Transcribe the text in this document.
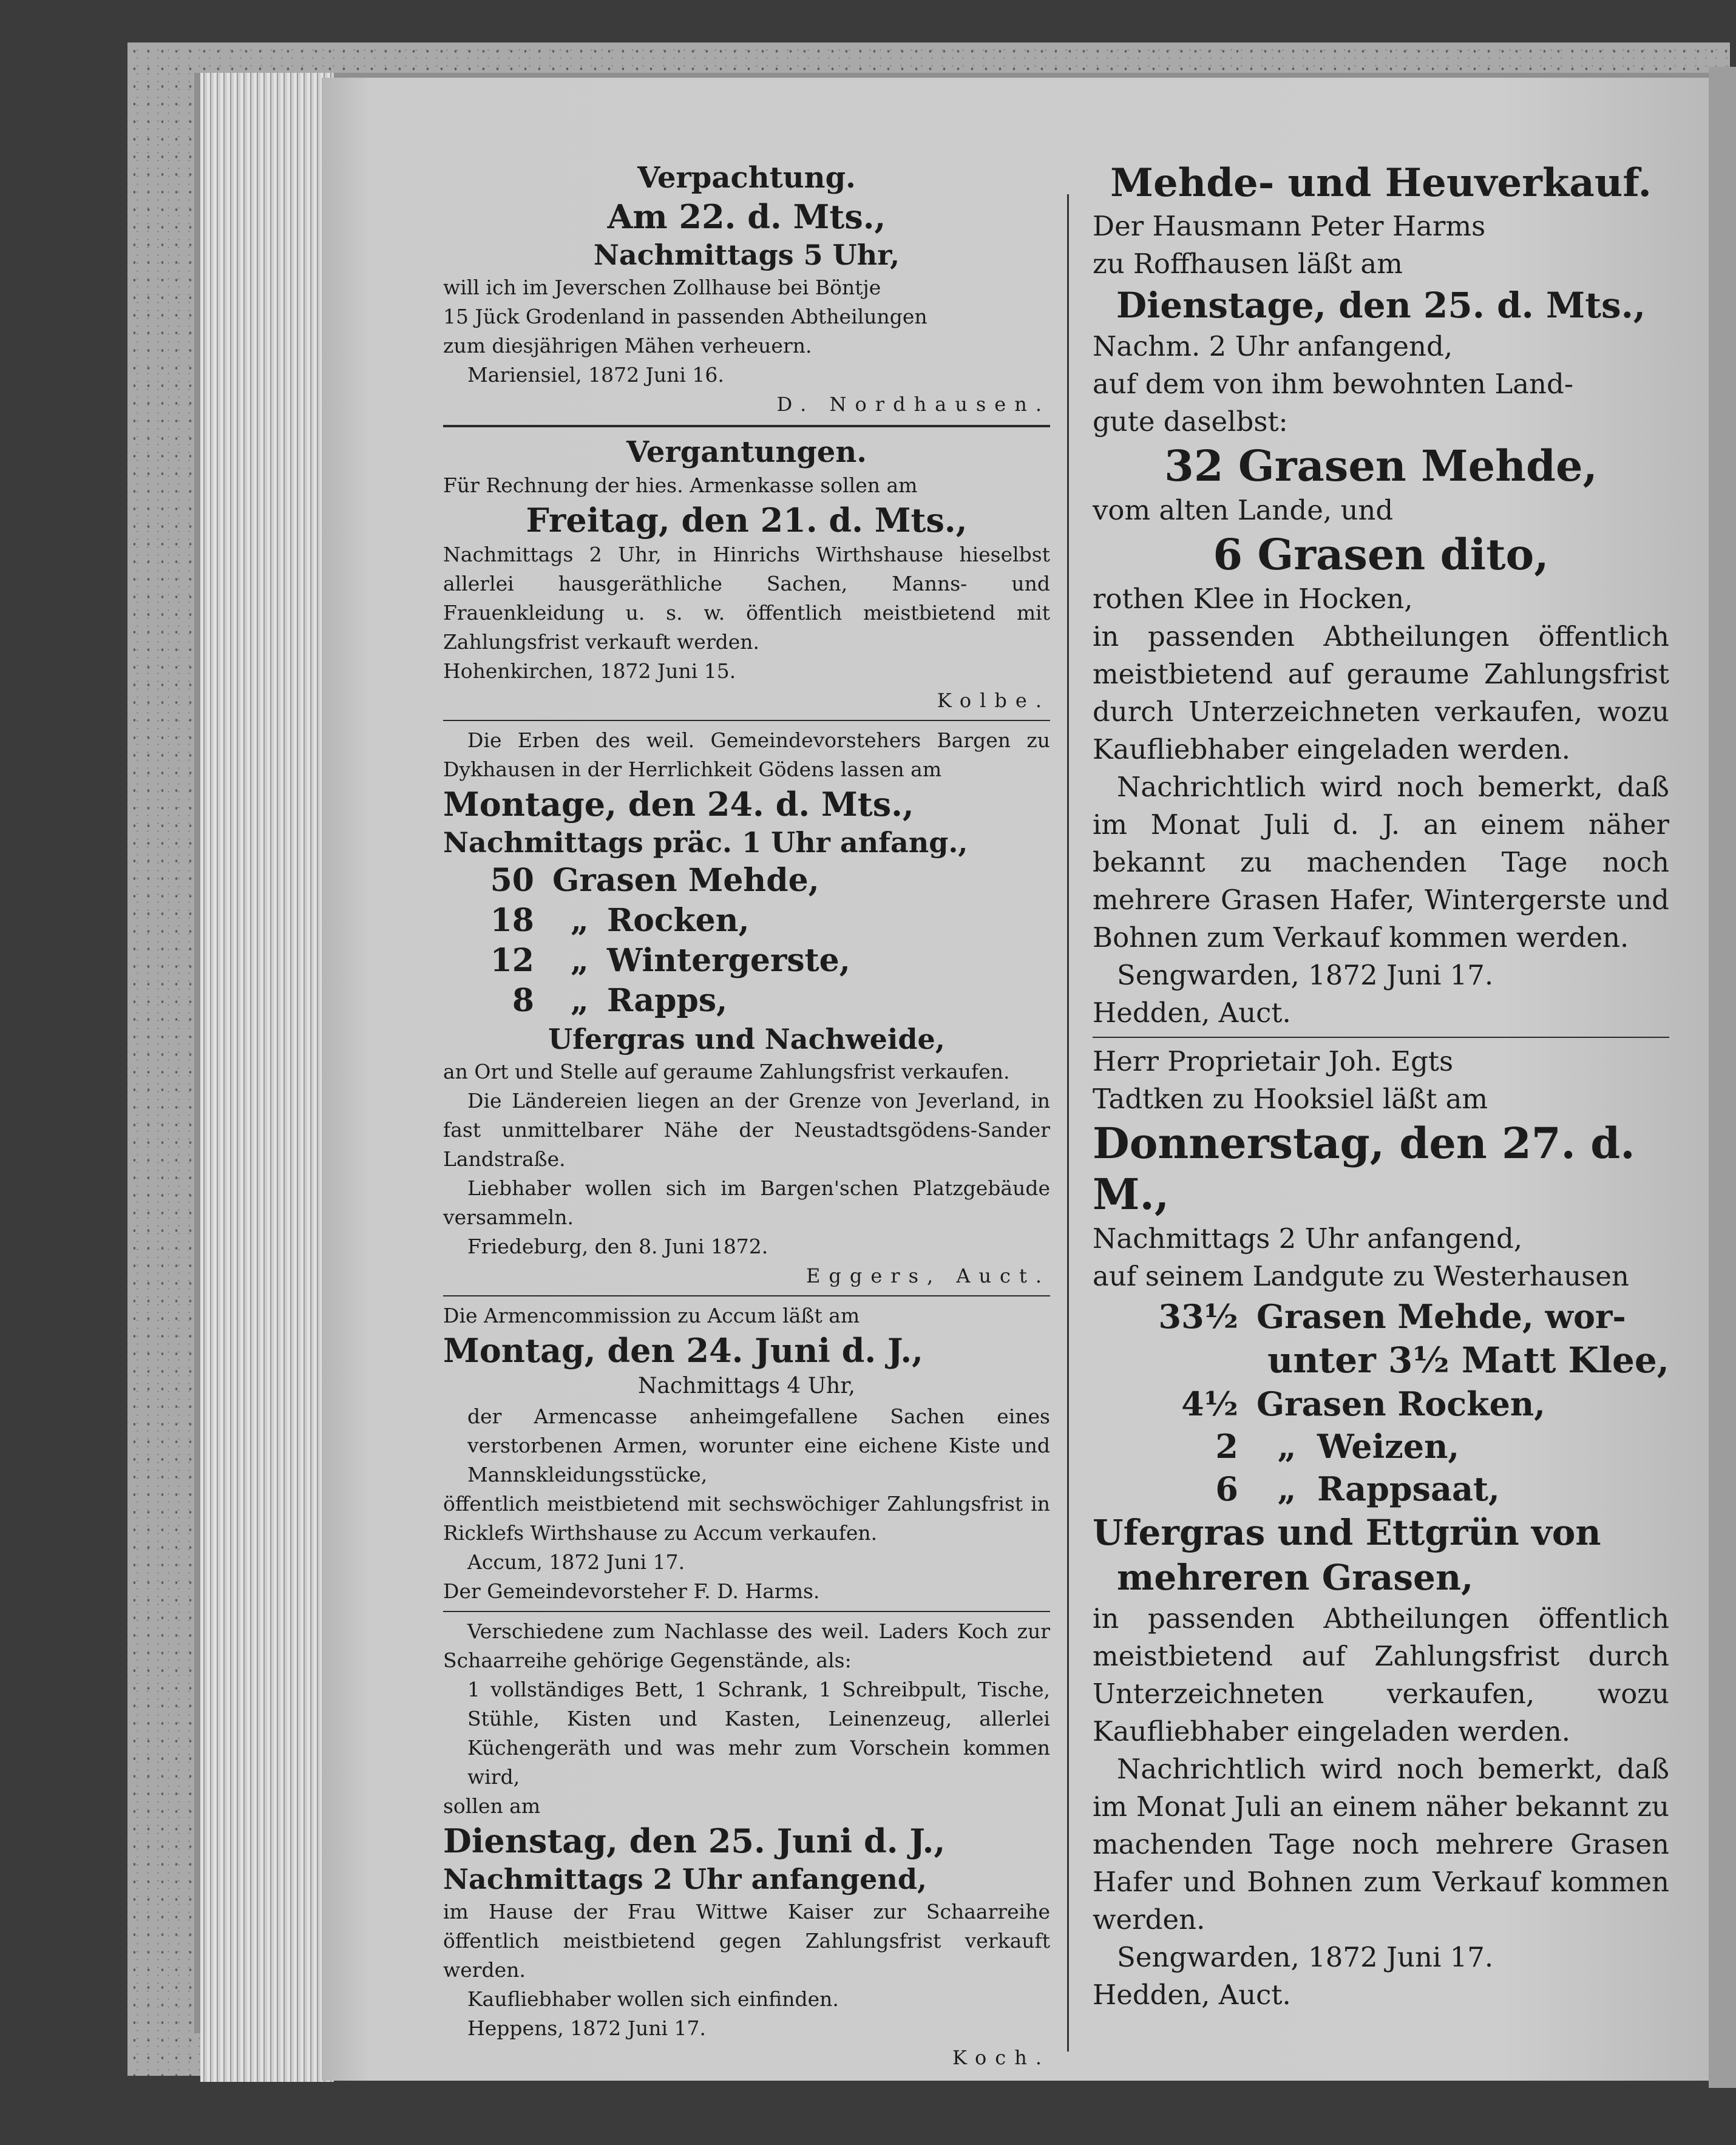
Verpachtung.

Am 22. d. Mts.,

Nachmittags 5 Uhr,

will ich im Jeverschen Zollhause bei Böntje

15 Jück Grodenland in passenden Abtheilungen

zum diesjährigen Mähen verheuern.

Mariensiel, 1872 Juni 16.

D. Nordhausen.

Vergantungen.

Für Rechnung der hies. Armenkasse sollen am

Freitag, den 21. d. Mts.,

Nachmittags 2 Uhr, in Hinrichs Wirthshause hieselbst allerlei hausgeräthliche Sachen, Manns- und Frauenkleidung u. s. w. öffentlich meistbietend mit Zahlungsfrist verkauft werden.

Hohenkirchen, 1872 Juni 15.

Kolbe.

Die Erben des weil. Gemeindevorstehers Bargen zu Dykhausen in der Herrlichkeit Gödens lassen am

Montage, den 24. d. Mts.,

Nachmittags präc. 1 Uhr anfang.,

50 Grasen Mehde,
18	„ Rocken,
12	„ Wintergerste,
8	„ Rapps,

Ufergras und Nachweide,

an Ort und Stelle auf geraume Zahlungsfrist verkaufen.

Die Ländereien liegen an der Grenze von Jeverland, in fast unmittelbarer Nähe der Neustadtsgödens-Sander Landstraße.

Liebhaber wollen sich im Bargen'schen Platzgebäude versammeln.

Friedeburg, den 8. Juni 1872.

Eggers, Auct.

Die Armencommission zu Accum läßt am

Montag, den 24. Juni d. J.,

Nachmittags 4 Uhr,

der Armencasse anheimgefallene Sachen eines verstorbenen Armen, worunter eine eichene Kiste und Mannskleidungsstücke,

öffentlich meistbietend mit sechswöchiger Zahlungsfrist in Ricklefs Wirthshause zu Accum verkaufen.

Accum, 1872 Juni 17.

Der Gemeindevorsteher F. D. Harms.

Verschiedene zum Nachlasse des weil. Laders Koch zur Schaarreihe gehörige Gegenstände, als:

1 vollständiges Bett, 1 Schrank, 1 Schreibpult, Tische, Stühle, Kisten und Kasten, Leinenzeug, allerlei Küchengeräth und was mehr zum Vorschein kommen wird,

sollen am

Dienstag, den 25. Juni d. J.,

Nachmittags 2 Uhr anfangend,

im Hause der Frau Wittwe Kaiser zur Schaarreihe öffentlich meistbietend gegen Zahlungsfrist verkauft werden.

Kaufliebhaber wollen sich einfinden.

Heppens, 1872 Juni 17.

Koch.

Mehde- und Heuverkauf.

Der Hausmann Peter Harms

zu Roffhausen läßt am

Dienstage, den 25. d. Mts.,

Nachm. 2 Uhr anfangend,

auf dem von ihm bewohnten Land-

gute daselbst:

32 Grasen Mehde,

vom alten Lande, und

6 Grasen dito,

rothen Klee in Hocken,

in passenden Abtheilungen öffentlich meistbietend auf geraume Zahlungsfrist durch Unterzeichneten verkaufen, wozu Kaufliebhaber eingeladen werden.

Nachrichtlich wird noch bemerkt, daß im Monat Juli d. J. an einem näher bekannt zu machenden Tage noch mehrere Grasen Hafer, Wintergerste und Bohnen zum Verkauf kommen werden.

Sengwarden, 1872 Juni 17.

Hedden, Auct.

Herr Proprietair Joh. Egts

Tadtken zu Hooksiel läßt am

Donnerstag, den 27. d. M.,

Nachmittags 2 Uhr anfangend,

auf seinem Landgute zu Westerhausen

33½ Grasen Mehde, wor-

unter 3½ Matt Klee,

4½ Grasen Rocken,
2	„ Weizen,
6	„ Rappsaat,

Ufergras und Ettgrün von

mehreren Grasen,

in passenden Abtheilungen öffentlich meistbietend auf Zahlungsfrist durch Unterzeichneten verkaufen, wozu Kaufliebhaber eingeladen werden.

Nachrichtlich wird noch bemerkt, daß im Monat Juli an einem näher bekannt zu machenden Tage noch mehrere Grasen Hafer und Bohnen zum Verkauf kommen werden.

Sengwarden, 1872 Juni 17.

Hedden, Auct.
